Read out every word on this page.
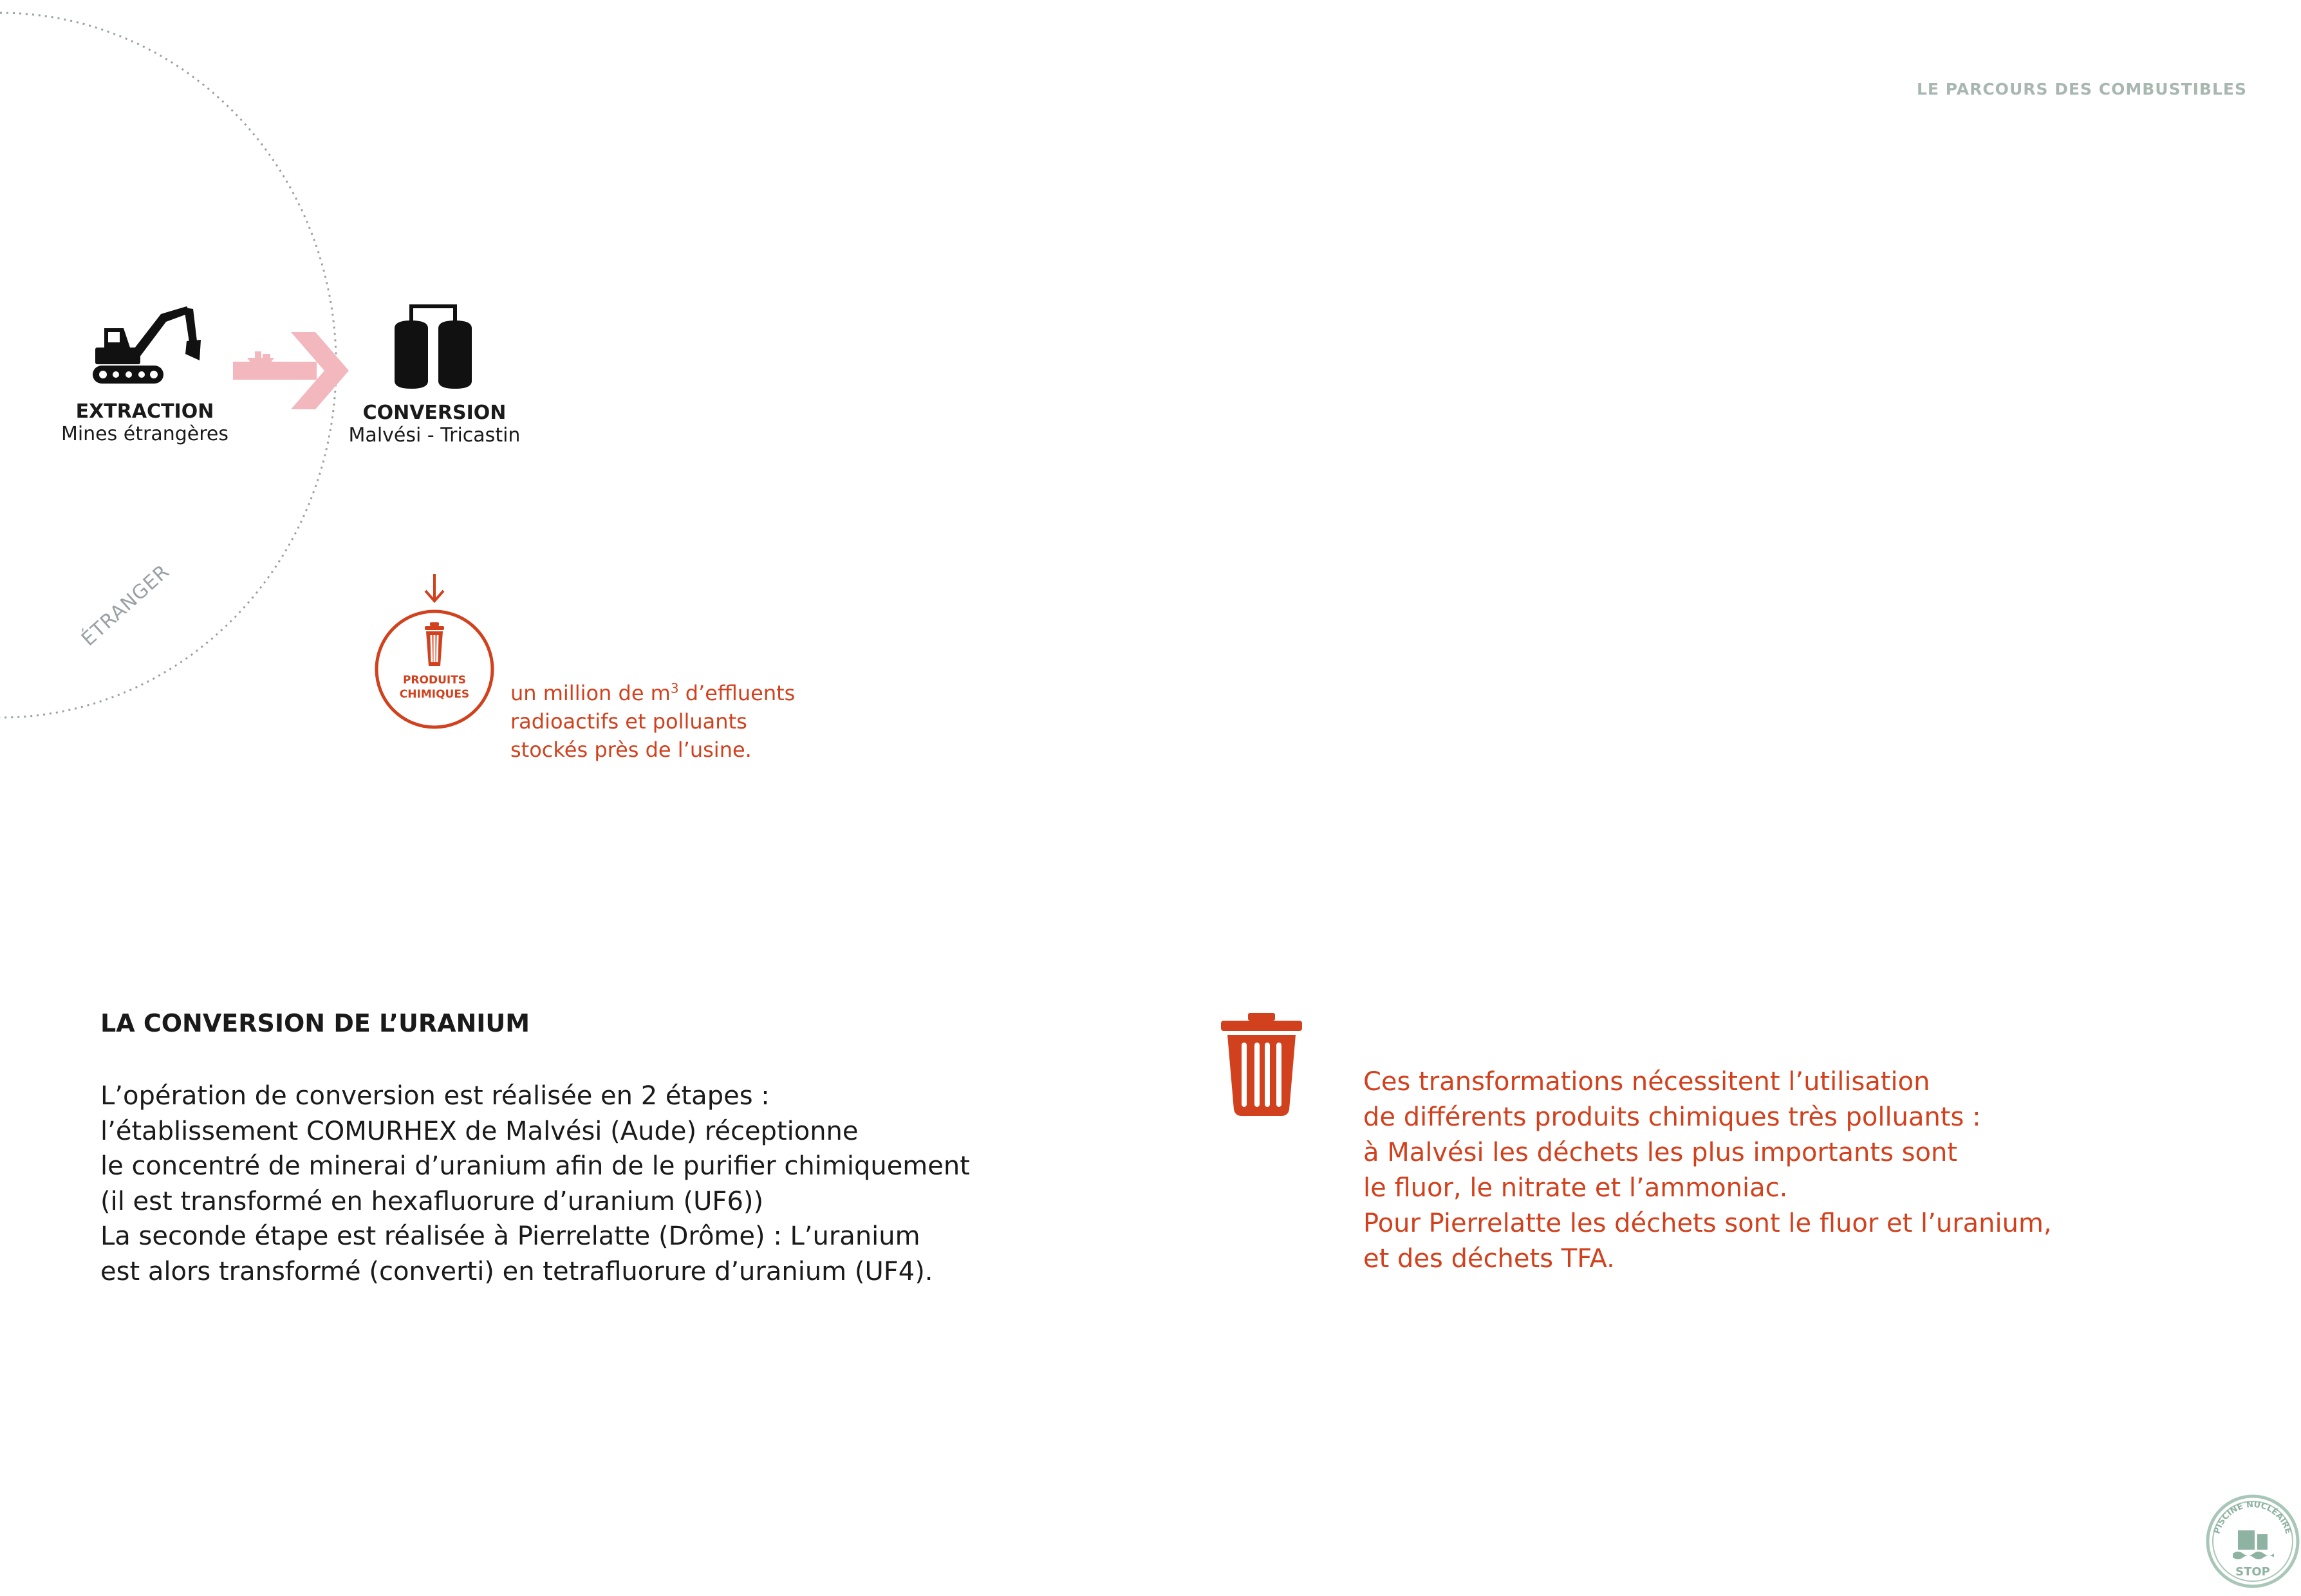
LE PARCOURS DES COMBUSTIBLES
ÉTRANGER
EXTRACTION
Mines étrangères
CONVERSION
Malvési - Tricastin
PRODUITS
CHIMIQUES	un million de $m^3$ d’effluents
radioactifs et polluants
stockés près de l’usine.
LA CONVERSION DE L’URANIUM
L’opération de conversion est réalisée en 2 étapes :
l’établissement COMURHEX de Malvési (Aude) réceptionne
le concentré de minerai d’uranium afin de le purifier chimiquement
(il est transformé en hexafluorure d’uranium (UF6))
La seconde étape est réalisée à Pierrelatte (Drôme) : L’uranium
est alors transformé (converti) en tetrafluorure d’uranium (UF4).
Ces transformations nécessitent l’utilisation
de différents produits chimiques très polluants :
à Malvési les déchets les plus importants sont
le fluor, le nitrate et l’ammoniac.
Pour Pierrelatte les déchets sont le fluor et l’uranium,
et des déchets TFA.
PISCINE NUCLÉAIRE
STOP
